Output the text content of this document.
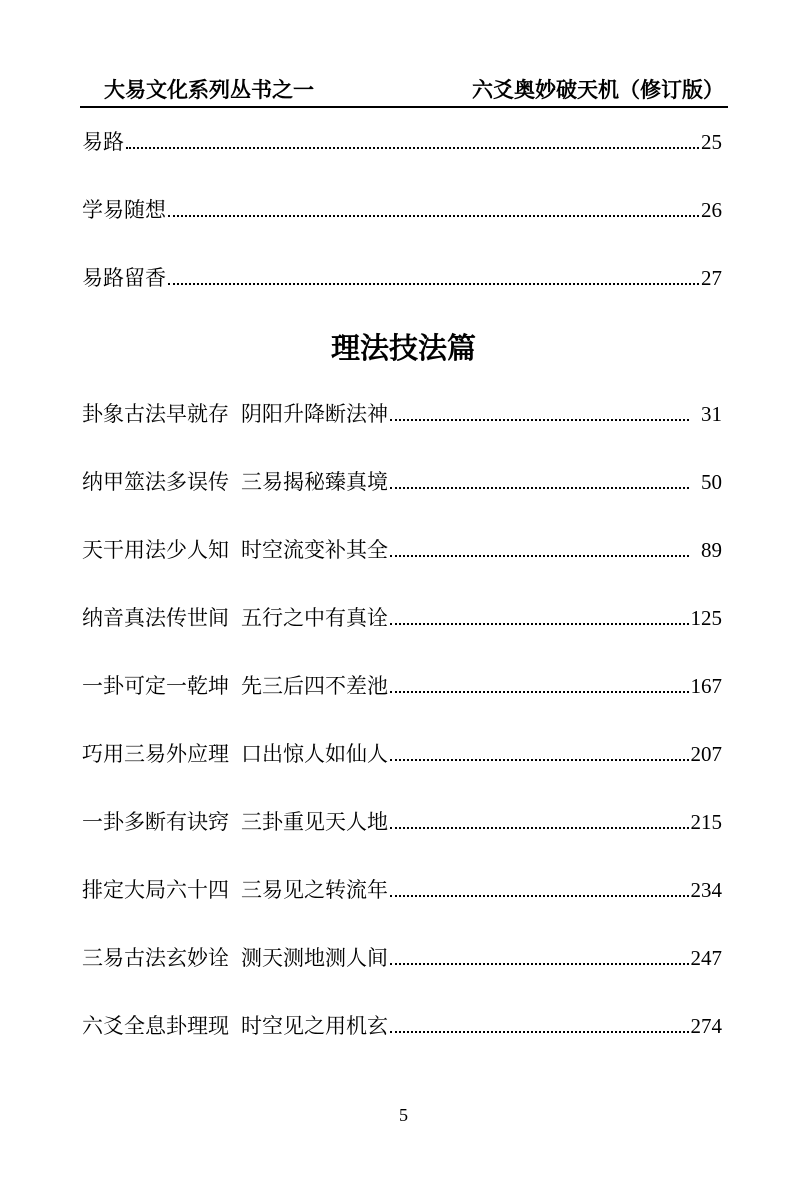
大易文化系列丛书之一	六爻奥妙破天机（修订版）
易路	25
学易随想	26
易路留香	27
理法技法篇
卦象古法早就存 阴阳升降断法神	31
纳甲筮法多误传 三易揭秘臻真境	50
天干用法少人知 时空流变补其全	89
纳音真法传世间 五行之中有真诠	125
一卦可定一乾坤 先三后四不差池	167
巧用三易外应理 口出惊人如仙人	207
一卦多断有诀窍 三卦重见天人地	215
排定大局六十四 三易见之转流年	234
三易古法玄妙诠 测天测地测人间	247
六爻全息卦理现 时空见之用机玄	274
5
